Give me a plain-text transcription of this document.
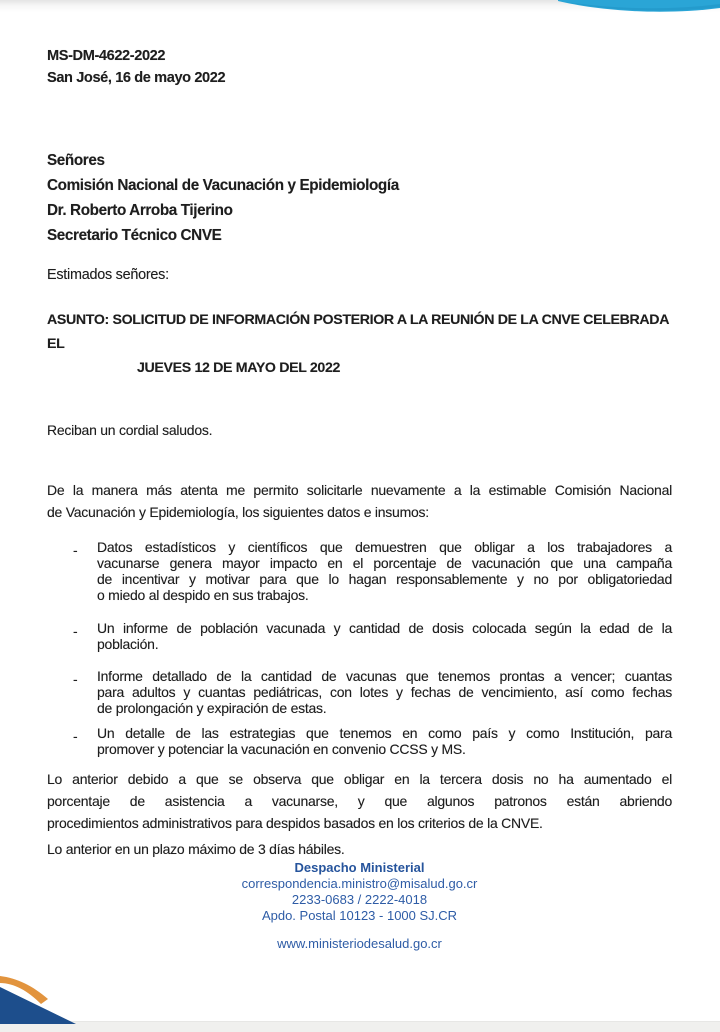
MS-DM-4622-2022
San José, 16 de mayo 2022
Señores
Comisión Nacional de Vacunación y Epidemiología
Dr. Roberto Arroba Tijerino
Secretario Técnico CNVE
Estimados señores:
ASUNTO: SOLICITUD DE INFORMACIÓN POSTERIOR A LA REUNIÓN DE LA CNVE CELEBRADA EL
JUEVES 12 DE MAYO DEL 2022
Reciban un cordial saludos.
De la manera más atenta me permito solicitarle nuevamente a la estimable Comisión Nacional
de Vacunación y Epidemiología, los siguientes datos e insumos:
- Datos estadísticos y científicos que demuestren que obligar a los trabajadores a
vacunarse genera mayor impacto en el porcentaje de vacunación que una campaña
de incentivar y motivar para que lo hagan responsablemente y no por obligatoriedad
o miedo al despido en sus trabajos.
- Un informe de población vacunada y cantidad de dosis colocada según la edad de la
población.
- Informe detallado de la cantidad de vacunas que tenemos prontas a vencer; cuantas
para adultos y cuantas pediátricas, con lotes y fechas de vencimiento, así como fechas
de prolongación y expiración de estas.
- Un detalle de las estrategias que tenemos en como país y como Institución, para
promover y potenciar la vacunación en convenio CCSS y MS.
Lo anterior debido a que se observa que obligar en la tercera dosis no ha aumentado el
porcentaje de asistencia a vacunarse, y que algunos patronos están abriendo
procedimientos administrativos para despidos basados en los criterios de la CNVE.
Lo anterior en un plazo máximo de 3 días hábiles.
Despacho Ministerial
correspondencia.ministro@misalud.go.cr
2233-0683 / 2222-4018
Apdo. Postal 10123 - 1000 SJ.CR
www.ministeriodesalud.go.cr
